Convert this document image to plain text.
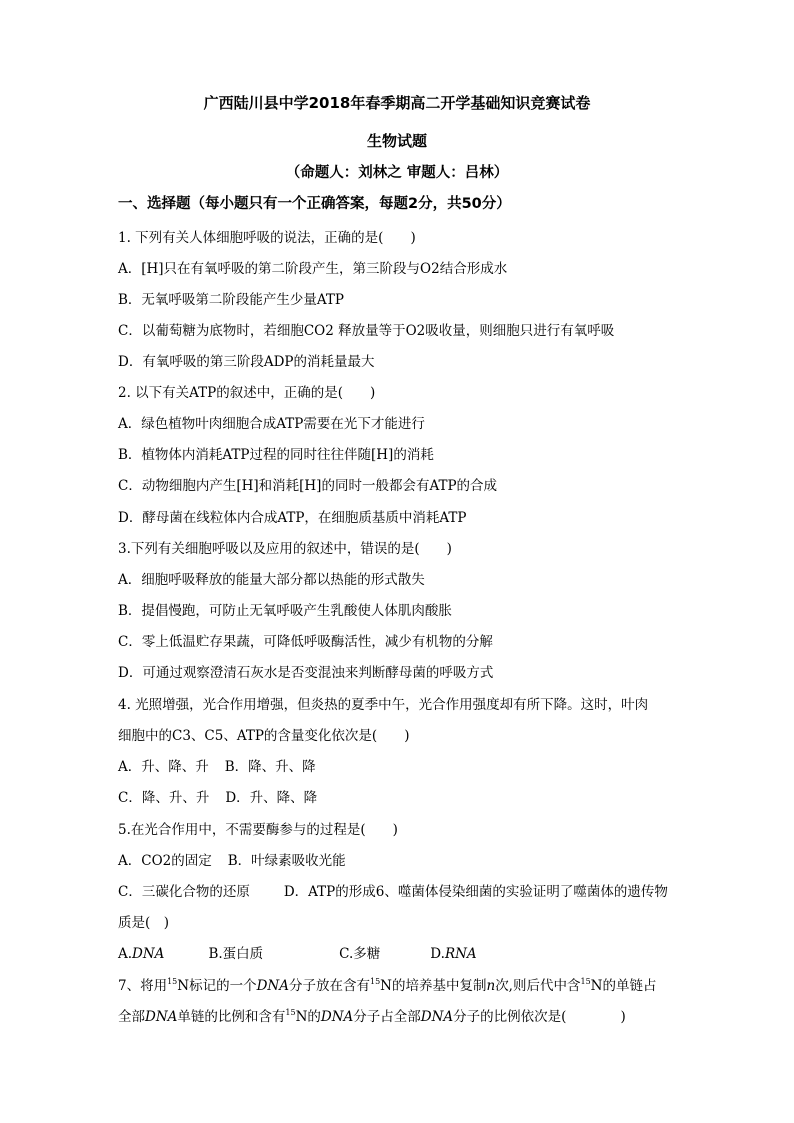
广西陆川县中学2018年春季期高二开学基础知识竞赛试卷
生物试题
（命题人：刘林之 审题人：吕林）
一、选择题（每小题只有一个正确答案，每题2分，共50分）
1. 下列有关人体细胞呼吸的说法，正确的是(　　)
A．[H]只在有氧呼吸的第二阶段产生，第三阶段与O2结合形成水
B．无氧呼吸第二阶段能产生少量ATP
C．以葡萄糖为底物时，若细胞CO2 释放量等于O2吸收量，则细胞只进行有氧呼吸
D．有氧呼吸的第三阶段ADP的消耗量最大
2. 以下有关ATP的叙述中，正确的是(　　)
A．绿色植物叶肉细胞合成ATP需要在光下才能进行
B．植物体内消耗ATP过程的同时往往伴随[H]的消耗
C．动物细胞内产生[H]和消耗[H]的同时一般都会有ATP的合成
D．酵母菌在线粒体内合成ATP，在细胞质基质中消耗ATP
3.下列有关细胞呼吸以及应用的叙述中，错误的是(　　)
A．细胞呼吸释放的能量大部分都以热能的形式散失
B．提倡慢跑，可防止无氧呼吸产生乳酸使人体肌肉酸胀
C．零上低温贮存果蔬，可降低呼吸酶活性，减少有机物的分解
D．可通过观察澄清石灰水是否变混浊来判断酵母菌的呼吸方式
4. 光照增强，光合作用增强，但炎热的夏季中午，光合作用强度却有所下降。这时，叶肉
细胞中的C3、C5、ATP的含量变化依次是(　　)
A．升、降、升 B．降、升、降
C．降、升、升 D．升、降、降
5.在光合作用中，不需要酶参与的过程是(　　)
A．CO2的固定 B．叶绿素吸收光能
C．三碳化合物的还原	D．ATP的形成6、噬菌体侵染细菌的实验证明了噬菌体的遗传物
质是(　)
A.DNA	B.蛋白质	C.多糖	D.RNA
7、将用$^{15}$N标记的一个DNA分子放在含有$^{15}$N的培养基中复制n次,则后代中含$^{15}$N的单链占
全部DNA单链的比例和含有$^{15}$N的DNA分子占全部DNA分子的比例依次是(　　　　)
